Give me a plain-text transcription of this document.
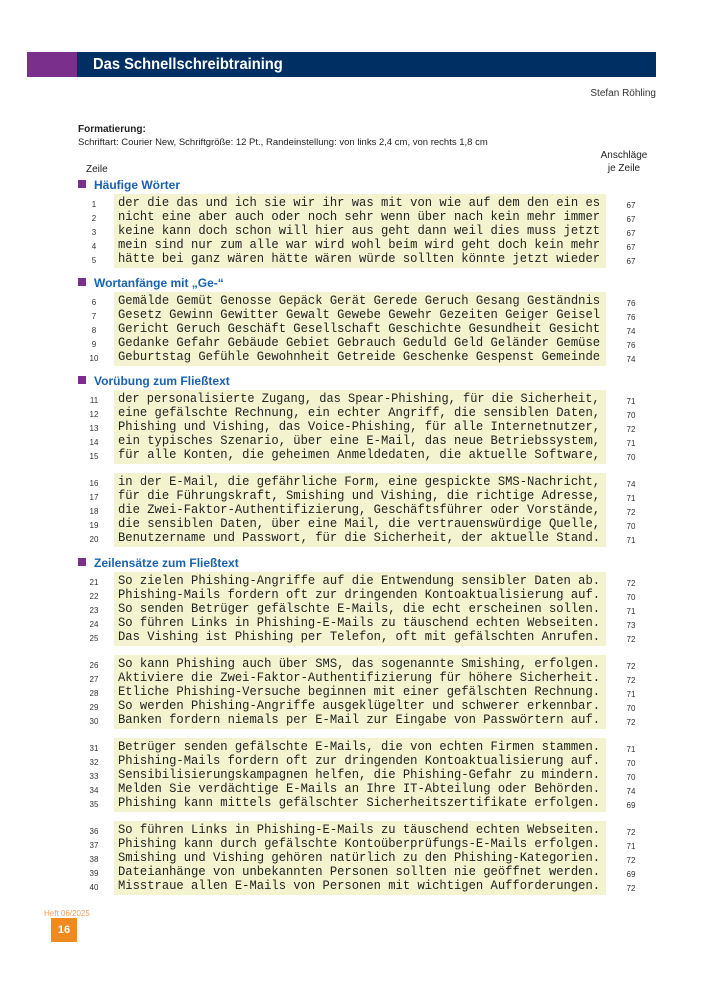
Das Schnellschreibtraining
Stefan Röhling
Formatierung:
Schriftart: Courier New, Schriftgröße: 12 Pt., Randeinstellung: von links 2,4 cm, von rechts 1,8 cm
Zeile
Anschläge
je Zeile
Häufige Wörter
Wortanfänge mit „Ge-“
Vorübung zum Fließtext
Zeilensätze zum Fließtext
1	der die das und ich sie wir ihr was mit von wie auf dem den ein es	67
2	nicht eine aber auch oder noch sehr wenn über nach kein mehr immer	67
3	keine kann doch schon will hier aus geht dann weil dies muss jetzt	67
4	mein sind nur zum alle war wird wohl beim wird geht doch kein mehr	67
5	hätte bei ganz wären hätte wären würde sollten könnte jetzt wieder	67
6	Gemälde Gemüt Genosse Gepäck Gerät Gerede Geruch Gesang Geständnis	76
7	Gesetz Gewinn Gewitter Gewalt Gewebe Gewehr Gezeiten Geiger Geisel	76
8	Gericht Geruch Geschäft Gesellschaft Geschichte Gesundheit Gesicht	74
9	Gedanke Gefahr Gebäude Gebiet Gebrauch Geduld Geld Geländer Gemüse	76
10	Geburtstag Gefühle Gewohnheit Getreide Geschenke Gespenst Gemeinde	74
11	der personalisierte Zugang, das Spear-Phishing, für die Sicherheit,	71
12	eine gefälschte Rechnung, ein echter Angriff, die sensiblen Daten,	70
13	Phishing und Vishing, das Voice-Phishing, für alle Internetnutzer,	72
14	ein typisches Szenario, über eine E-Mail, das neue Betriebssystem,	71
15	für alle Konten, die geheimen Anmeldedaten, die aktuelle Software,	70
16	in der E-Mail, die gefährliche Form, eine gespickte SMS-Nachricht,	74
17	für die Führungskraft, Smishing und Vishing, die richtige Adresse,	71
18	die Zwei-Faktor-Authentifizierung, Geschäftsführer oder Vorstände,	72
19	die sensiblen Daten, über eine Mail, die vertrauenswürdige Quelle,	70
20	Benutzername und Passwort, für die Sicherheit, der aktuelle Stand.	71
21	So zielen Phishing-Angriffe auf die Entwendung sensibler Daten ab.	72
22	Phishing-Mails fordern oft zur dringenden Kontoaktualisierung auf.	70
23	So senden Betrüger gefälschte E-Mails, die echt erscheinen sollen.	71
24	So führen Links in Phishing-E-Mails zu täuschend echten Webseiten.	73
25	Das Vishing ist Phishing per Telefon, oft mit gefälschten Anrufen.	72
26	So kann Phishing auch über SMS, das sogenannte Smishing, erfolgen.	72
27	Aktiviere die Zwei-Faktor-Authentifizierung für höhere Sicherheit.	72
28	Etliche Phishing-Versuche beginnen mit einer gefälschten Rechnung.	71
29	So werden Phishing-Angriffe ausgeklügelter und schwerer erkennbar.	70
30	Banken fordern niemals per E-Mail zur Eingabe von Passwörtern auf.	72
31	Betrüger senden gefälschte E-Mails, die von echten Firmen stammen.	71
32	Phishing-Mails fordern oft zur dringenden Kontoaktualisierung auf.	70
33	Sensibilisierungskampagnen helfen, die Phishing-Gefahr zu mindern.	70
34	Melden Sie verdächtige E-Mails an Ihre IT-Abteilung oder Behörden.	74
35	Phishing kann mittels gefälschter Sicherheitszertifikate erfolgen.	69
36	So führen Links in Phishing-E-Mails zu täuschend echten Webseiten.	72
37	Phishing kann durch gefälschte Kontoüberprüfungs-E-Mails erfolgen.	71
38	Smishing und Vishing gehören natürlich zu den Phishing-Kategorien.	72
39	Dateianhänge von unbekannten Personen sollten nie geöffnet werden.	69
40	Misstraue allen E-Mails von Personen mit wichtigen Aufforderungen.	72
Heft 06/2025
16
